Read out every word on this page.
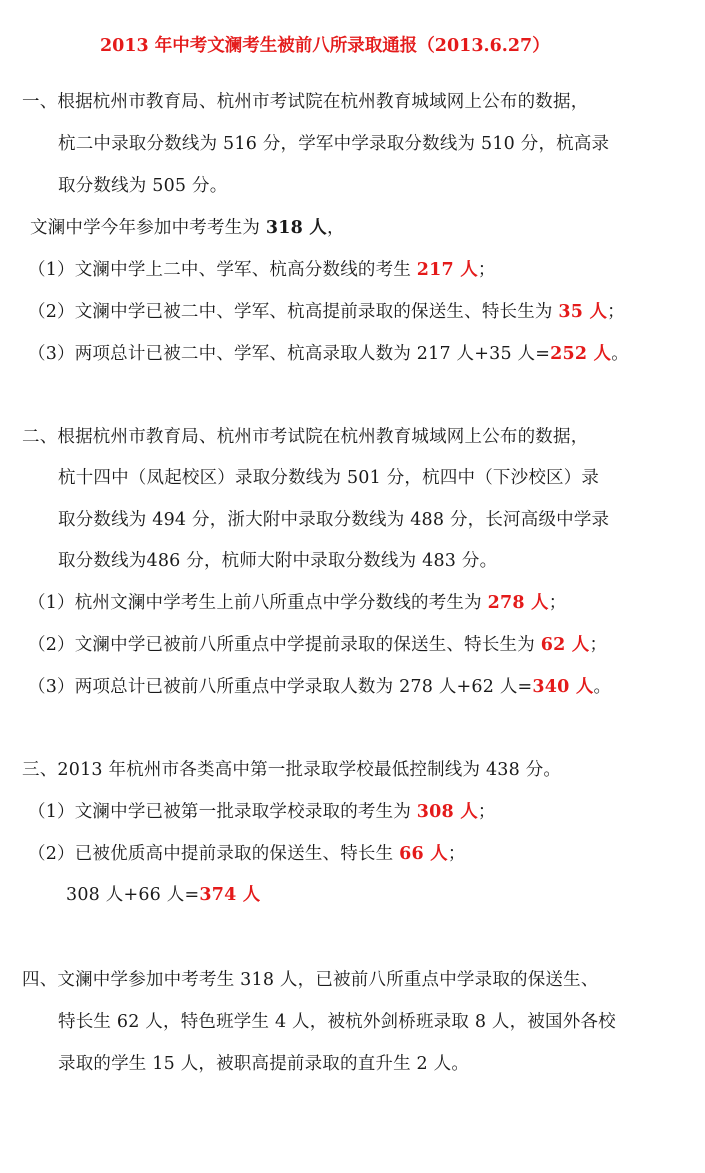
2013 年中考文澜考生被前八所录取通报（2013.6.27）
一、根据杭州市教育局、杭州市考试院在杭州教育城域网上公布的数据，
杭二中录取分数线为 516 分，学军中学录取分数线为 510 分，杭高录
取分数线为 505 分。
文澜中学今年参加中考考生为 318 人，
（1）文澜中学上二中、学军、杭高分数线的考生 217 人；
（2）文澜中学已被二中、学军、杭高提前录取的保送生、特长生为 35 人；
（3）两项总计已被二中、学军、杭高录取人数为 217 人+35 人=252 人。
二、根据杭州市教育局、杭州市考试院在杭州教育城域网上公布的数据，
杭十四中（凤起校区）录取分数线为 501 分，杭四中（下沙校区）录
取分数线为 494 分，浙大附中录取分数线为 488 分，长河高级中学录
取分数线为486 分，杭师大附中录取分数线为 483 分。
（1）杭州文澜中学考生上前八所重点中学分数线的考生为 278 人；
（2）文澜中学已被前八所重点中学提前录取的保送生、特长生为 62 人；
（3）两项总计已被前八所重点中学录取人数为 278 人+62 人=340 人。
三、2013 年杭州市各类高中第一批录取学校最低控制线为 438 分。
（1）文澜中学已被第一批录取学校录取的考生为 308 人；
（2）已被优质高中提前录取的保送生、特长生 66 人；
308 人+66 人=374 人
四、文澜中学参加中考考生 318 人，已被前八所重点中学录取的保送生、
特长生 62 人，特色班学生 4 人，被杭外剑桥班录取 8 人，被国外各校
录取的学生 15 人，被职高提前录取的直升生 2 人。
